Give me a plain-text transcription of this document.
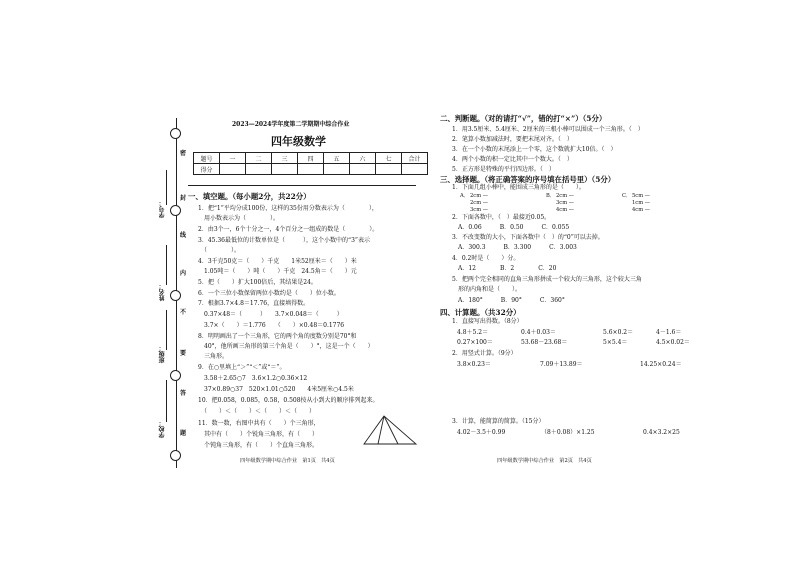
密
封
线
内
不
要
答
题
学号：
姓名：
班级：
学校：
2023—2024学年度第二学期期中综合作业
四年级数学
题号	一	二	三	四	五	六	七	合计
得分								
一、填空题。（每小题2分，共22分）
1．把“1”平均分成100份，这样的35份用分数表示为（　　　　），
　用小数表示为（　　　　）。
2．由3个一，6个十分之一，4个百分之一组成的数是（　　　　）。
3．45.36最低位的计数单位是（　　　），这个小数中的“3”表示
　（　　　　）。
4．3千克50克＝（　　）千克　　1米52厘米＝（　　）米
　1.05吨＝（　　）吨（　　）千克　24.5角＝（　　）元
5．把（　　）扩大100倍后，其结果是24。
6．一个三位小数保留两位小数约是（　　）位小数。
7．根据3.7×4.8＝17.76，直接填得数。
　0.37×48＝（　　　）　　3.7×0.048＝（　　　）
　3.7×（　　）＝1.776　　（　　）×0.48＝0.1776
8．明明画出了一个三角形，它的两个角的度数分别是70°和
　40°，他所画三角形的第三个角是（　　）°，这是一个（　　）
　三角形。
9．在○里填上“＞”“＜”或“＝”。
　3.58＋2.65○7　3.6×1.2○0.36×12
　37×0.89○37　520×1.01○520　　4米5厘米○4.5米
10．把0.058，0.085，0.58，0.508按从小到大的顺序排列起来。
　（　　）＜（　　）＜（　　）＜（　　）
11．数一数，右图中共有（　　）个三角形，
　其中有（　　）个锐角三角形，有（　　）
　个钝角三角形，有（　　）个直角三角形。
四年级数学期中综合作业　第1页　共4页
二、判断题。（对的请打“√”，错的打“×”）（5分）
1．用3.5厘米、5.4厘米、2厘米的三根小棒可以围成一个三角形。（　）
2．笔算小数加减法时，要把末尾对齐。（　）
3．在一个小数的末尾添上一个零，这个数就扩大10倍。（　）
4．两个小数的积一定比其中一个数大。（　）
5．正方形是特殊的平行四边形。（　）
三、选择题。（将正确答案的序号填在括号里）（5分）
1．下面几组小棒中，能围成三角形的是（　　）。
A． 2cm —
2cm —
3cm —
B． 2cm —
3cm —
4cm —
C． 5cm —
1cm —
4cm —
2．下面各数中，（　）最接近0.05。
　A．0.06　　　B．0.50　　　C．0.055
3．不改变数的大小，下面各数中（　）的“0”可以去掉。
　A．300.3　　　B．3.300　　　C．3.003
4．0.2时是（　　）分。
　A．12　　　　B．2　　　　C．20
5．把两个完全相同的直角三角形拼成一个较大的三角形，这个较大三角
　形的内角和是（　　）。
　A．180°　　　B．90°　　　C．360°
四、计算题。（共32分）
1．直接写出得数。（8分）
4.8＋5.2＝	0.4＋0.03＝	5.6×0.2＝	4－1.6＝
0.27×100＝	53.68－23.68＝	5×5.4＝	4.5×0.02＝
2．用竖式计算。（9分）
3.8×0.23＝	7.09＋13.89＝	14.25×0.24＝
3．计算，能简算的简算。（15分）
4.02－3.5＋0.99	（8＋0.08）×1.25	0.4×3.2×25
四年级数学期中综合作业　第2页　共4页
